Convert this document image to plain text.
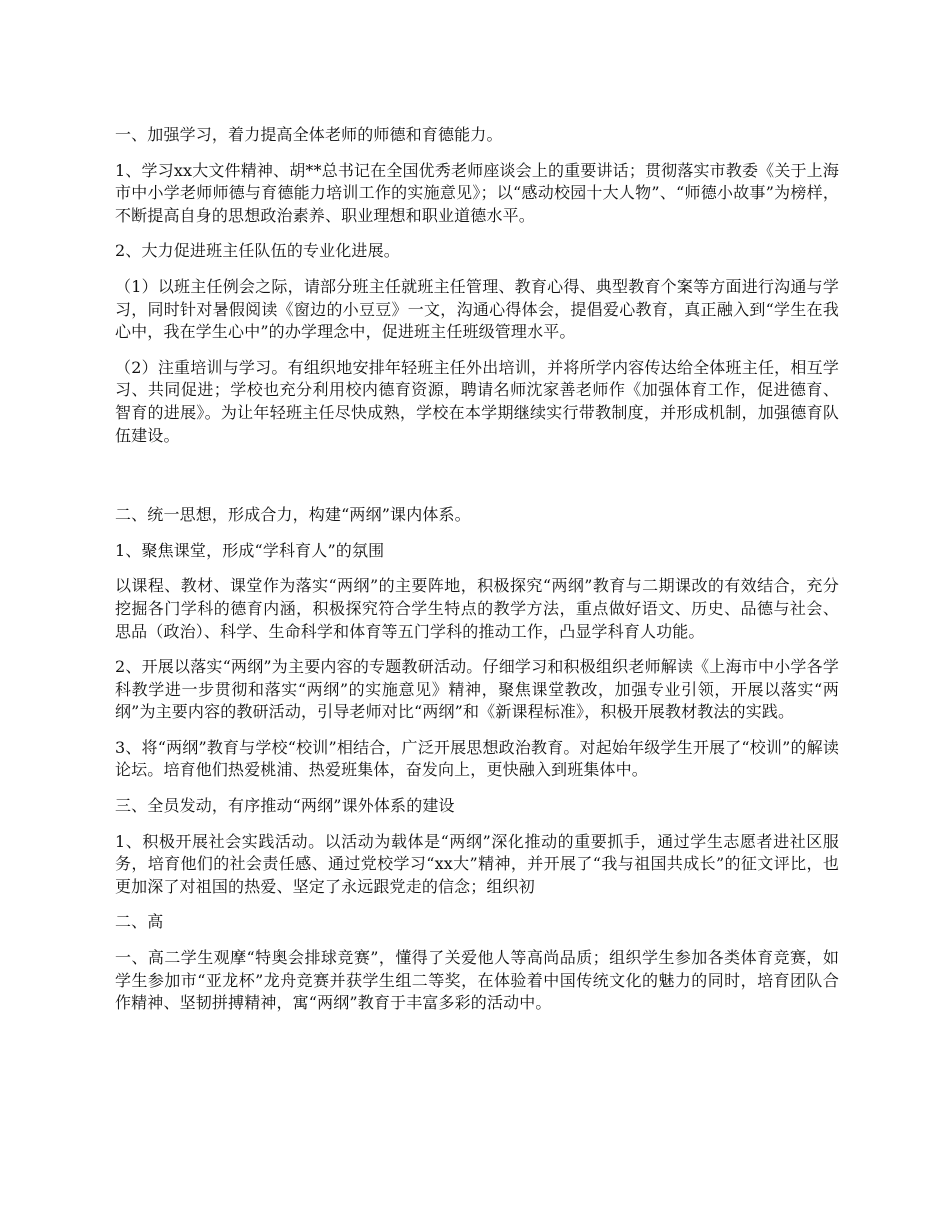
一、加强学习，着力提高全体老师的师德和育德能力。

1、学习xx大文件精神、胡**总书记在全国优秀老师座谈会上的重要讲话；贯彻落实市教委《关于上海市中小学老师师德与育德能力培训工作的实施意见》；以“感动校园十大人物”、“师德小故事”为榜样，不断提高自身的思想政治素养、职业理想和职业道德水平。

2、大力促进班主任队伍的专业化进展。

（1）以班主任例会之际，请部分班主任就班主任管理、教育心得、典型教育个案等方面进行沟通与学习，同时针对暑假阅读《窗边的小豆豆》一文，沟通心得体会，提倡爱心教育，真正融入到“学生在我心中，我在学生心中”的办学理念中，促进班主任班级管理水平。

（2）注重培训与学习。有组织地安排年轻班主任外出培训，并将所学内容传达给全体班主任，相互学习、共同促进；学校也充分利用校内德育资源，聘请名师沈家善老师作《加强体育工作，促进德育、智育的进展》。为让年轻班主任尽快成熟，学校在本学期继续实行带教制度，并形成机制，加强德育队伍建设。

二、统一思想，形成合力，构建“两纲”课内体系。

1、聚焦课堂，形成“学科育人”的氛围

以课程、教材、课堂作为落实“两纲”的主要阵地，积极探究“两纲”教育与二期课改的有效结合，充分挖掘各门学科的德育内涵，积极探究符合学生特点的教学方法，重点做好语文、历史、品德与社会、思品（政治）、科学、生命科学和体育等五门学科的推动工作，凸显学科育人功能。

2、开展以落实“两纲”为主要内容的专题教研活动。仔细学习和积极组织老师解读《上海市中小学各学科教学进一步贯彻和落实“两纲”的实施意见》精神，聚焦课堂教改，加强专业引领，开展以落实“两纲”为主要内容的教研活动，引导老师对比“两纲”和《新课程标准》，积极开展教材教法的实践。

3、将“两纲”教育与学校“校训”相结合，广泛开展思想政治教育。对起始年级学生开展了“校训”的解读论坛。培育他们热爱桃浦、热爱班集体，奋发向上，更快融入到班集体中。

三、全员发动，有序推动“两纲”课外体系的建设

1、积极开展社会实践活动。以活动为载体是“两纲”深化推动的重要抓手，通过学生志愿者进社区服务，培育他们的社会责任感、通过党校学习“xx大”精神，并开展了“我与祖国共成长”的征文评比，也更加深了对祖国的热爱、坚定了永远跟党走的信念；组织初

二、高

一、高二学生观摩“特奥会排球竞赛”，懂得了关爱他人等高尚品质；组织学生参加各类体育竞赛，如学生参加市“亚龙杯”龙舟竞赛并获学生组二等奖，在体验着中国传统文化的魅力的同时，培育团队合作精神、坚韧拼搏精神，寓“两纲”教育于丰富多彩的活动中。
